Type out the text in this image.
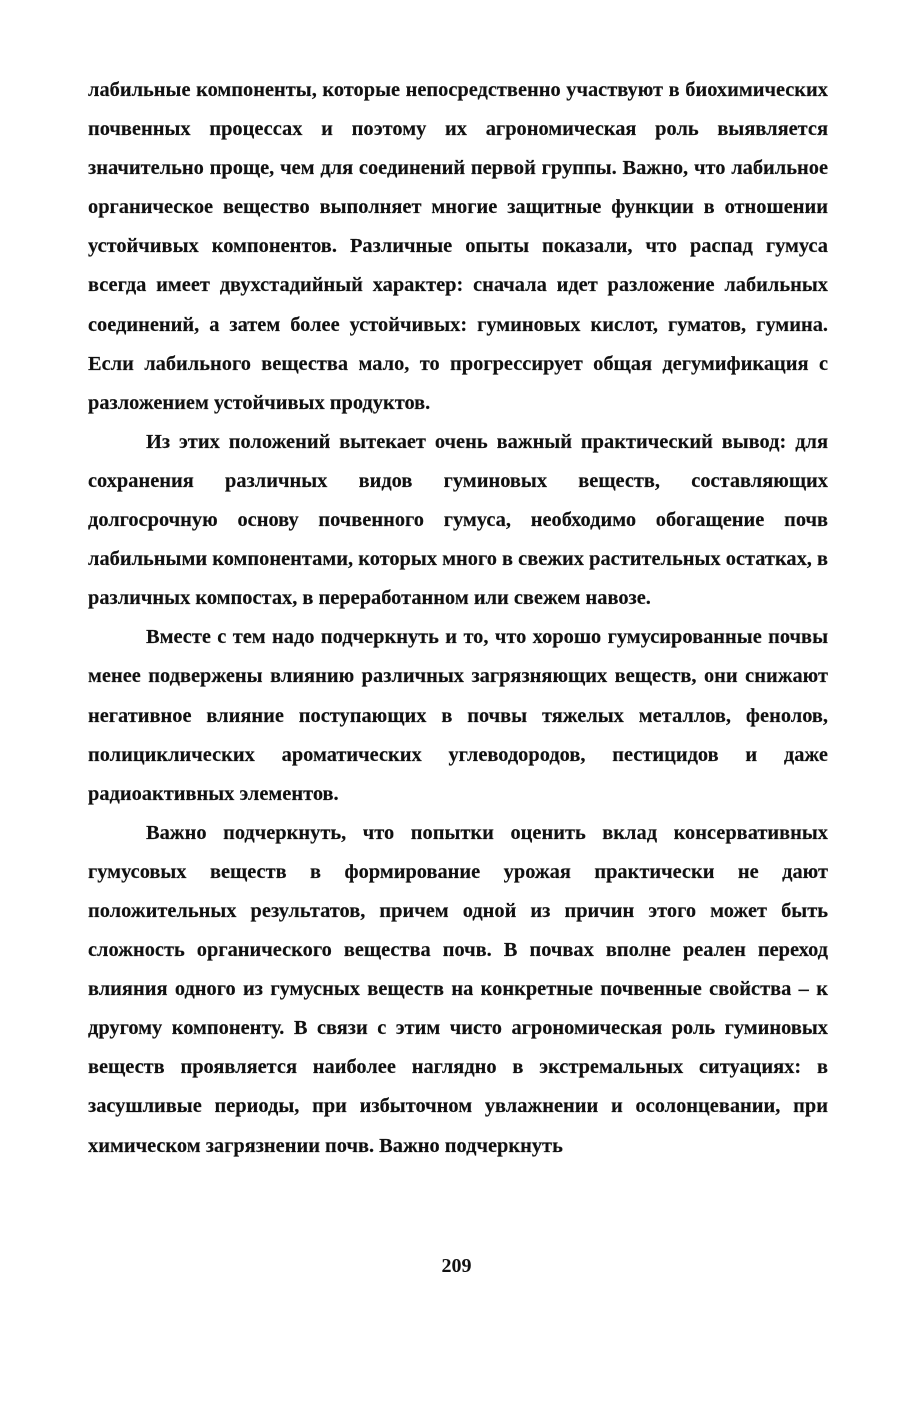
лабильные компоненты, которые непосредственно участвуют в биохимических почвенных процессах и поэтому их агрономическая роль выявляется значительно проще, чем для соединений первой группы. Важно, что лабильное органическое вещество выполняет многие защитные функции в отношении устойчивых компонентов. Различные опыты показали, что распад гумуса всегда имеет двухстадийный характер: сначала идет разложение лабильных соединений, а затем более устойчивых: гуминовых кислот, гуматов, гумина. Если лабильного вещества мало, то прогрессирует общая дегумификация с разложением устойчивых продуктов.

Из этих положений вытекает очень важный практический вывод: для сохранения различных видов гуминовых веществ, составляющих долгосрочную основу почвенного гумуса, необходимо обогащение почв лабильными компонентами, которых много в свежих растительных остатках, в различных компостах, в переработанном или свежем навозе.

Вместе с тем надо подчеркнуть и то, что хорошо гумусированные почвы менее подвержены влиянию различных загрязняющих веществ, они снижают негативное влияние поступающих в почвы тяжелых металлов, фенолов, полициклических ароматических углеводородов, пестицидов и даже радиоактивных элементов.

Важно подчеркнуть, что попытки оценить вклад консервативных гумусовых веществ в формирование урожая практически не дают положительных результатов, причем одной из причин этого может быть сложность органического вещества почв. В почвах вполне реален переход влияния одного из гумусных веществ на конкретные почвенные свойства – к другому компоненту. В связи с этим чисто агрономическая роль гуминовых веществ проявляется наиболее наглядно в экстремальных ситуациях: в засушливые периоды, при избыточном увлажнении и осолонцевании, при химическом загрязнении почв. Важно подчеркнуть

209
